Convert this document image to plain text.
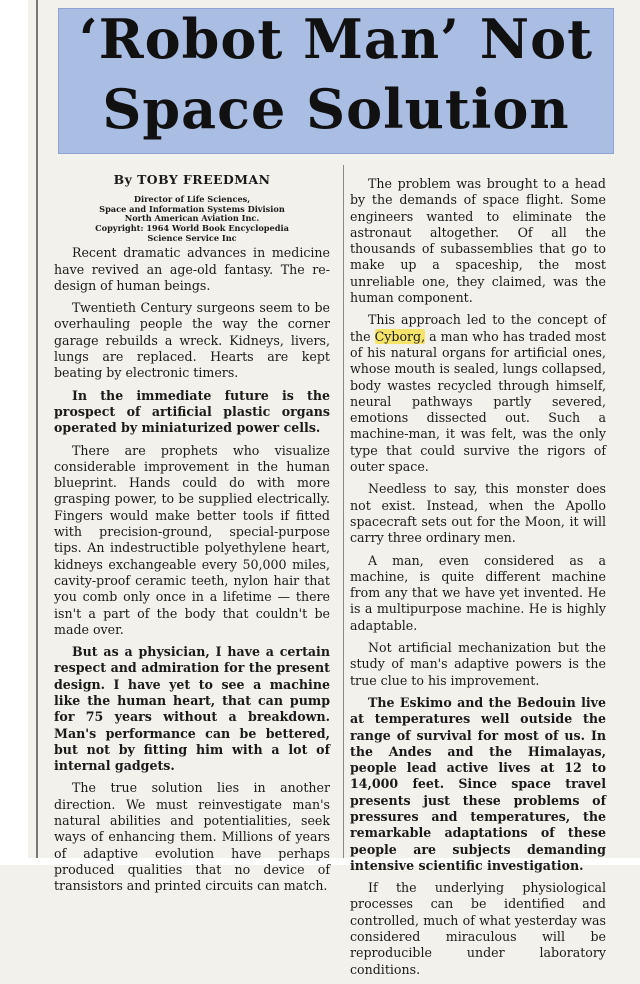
‘Robot Man’ Not
Space Solution

By TOBY FREEDMAN

Director of Life Sciences,
Space and Information Systems Division
North American Aviation Inc.
Copyright: 1964 World Book Encyclopedia
Science Service Inc

Recent dramatic advances in medicine have revived an age-old fantasy. The re-design of human beings.

Twentieth Century surgeons seem to be overhauling people the way the corner garage rebuilds a wreck. Kidneys, livers, lungs are replaced. Hearts are kept beating by electronic timers.

In the immediate future is the prospect of artificial plastic organs operated by miniaturized power cells.

There are prophets who visualize considerable improvement in the human blueprint. Hands could do with more grasping power, to be supplied electrically. Fingers would make better tools if fitted with precision-ground, special-purpose tips. An indestructible polyethylene heart, kidneys exchangeable every 50,000 miles, cavity-proof ceramic teeth, nylon hair that you comb only once in a lifetime — there isn't a part of the body that couldn't be made over.

But as a physician, I have a certain respect and admiration for the present design. I have yet to see a machine like the human heart, that can pump for 75 years without a breakdown. Man's performance can be bettered, but not by fitting him with a lot of internal gadgets.

The true solution lies in another direction. We must reinvestigate man's natural abilities and potentialities, seek ways of enhancing them. Millions of years of adaptive evolution have perhaps produced qualities that no device of transistors and printed circuits can match.

The problem was brought to a head by the demands of space flight. Some engineers wanted to eliminate the astronaut altogether. Of all the thousands of subassemblies that go to make up a spaceship, the most unreliable one, they claimed, was the human component.

This approach led to the concept of the Cyborg, a man who has traded most of his natural organs for artificial ones, whose mouth is sealed, lungs collapsed, body wastes recycled through himself, neural pathways partly severed, emotions dissected out. Such a machine-man, it was felt, was the only type that could survive the rigors of outer space.

Needless to say, this monster does not exist. Instead, when the Apollo spacecraft sets out for the Moon, it will carry three ordinary men.

A man, even considered as a machine, is quite different machine from any that we have yet invented. He is a multipurpose machine. He is highly adaptable.

Not artificial mechanization but the study of man's adaptive powers is the true clue to his improvement.

The Eskimo and the Bedouin live at temperatures well outside the range of survival for most of us. In the Andes and the Himalayas, people lead active lives at 12 to 14,000 feet. Since space travel presents just these problems of pressures and temperatures, the remarkable adaptations of these people are subjects demanding intensive scientific investigation.

If the underlying physiological processes can be identified and controlled, much of what yesterday was considered miraculous will be reproducible under laboratory conditions.
